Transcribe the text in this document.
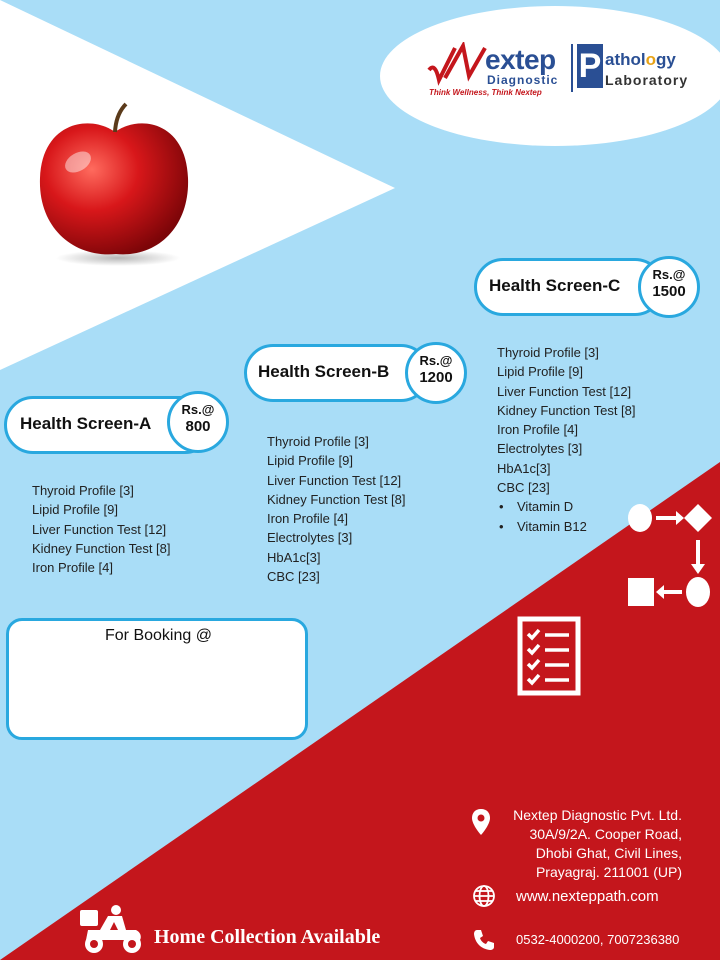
extep
Diagnostic
Think Wellness, Think Nextep
P athology
Laboratory
Health Screen-A
Rs.@
800
Thyroid Profile [3]
Lipid Profile [9]
Liver Function Test [12]
Kidney Function Test [8]
Iron Profile [4]
Health Screen-B
Rs.@
1200
Thyroid Profile [3]
Lipid Profile [9]
Liver Function Test [12]
Kidney Function Test [8]
Iron Profile [4]
Electrolytes [3]
HbA1c[3]
CBC [23]
Health Screen-C
Rs.@
1500
Thyroid Profile [3]
Lipid Profile [9]
Liver Function Test [12]
Kidney Function Test [8]
Iron Profile [4]
Electrolytes [3]
HbA1c[3]
CBC [23]
• Vitamin D
• Vitamin B12
For Booking @
Nextep Diagnostic Pvt. Ltd.
30A/9/2A. Cooper Road,
Dhobi Ghat, Civil Lines,
Prayagraj. 211001 (UP)
www.nexteppath.com
0532-4000200, 7007236380
Home Collection Available
